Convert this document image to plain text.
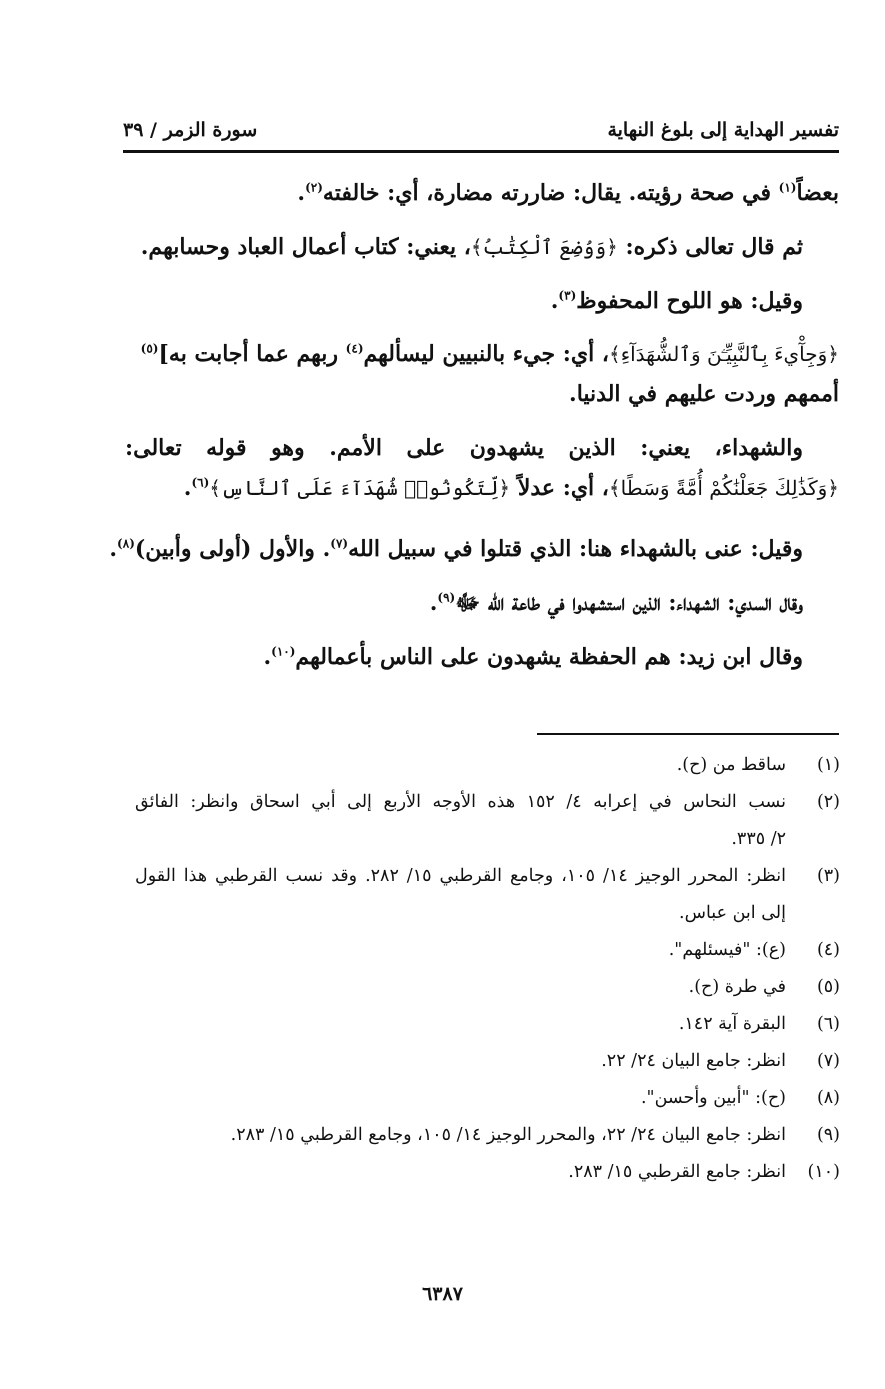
تفسير الهداية إلى بلوغ النهاية
سورة الزمر / ٣٩

بعضاً$^{(١)}$ في صحة رؤيته. يقال: ضاررته مضارة، أي: خالفته$^{(٢)}$.

ثم قال تعالى ذكره: ﴿وَوُضِعَ ٱلْكِتَٰبُ﴾، يعني: كتاب أعمال العباد وحسابهم.

وقيل: هو اللوح المحفوظ$^{(٣)}$.

﴿وَجِآْيءَ بِٱلنَّبِيِّـۧنَ وَٱلشُّهَدَآءِ﴾، أي: جيء بالنبيين ليسألهم$^{(٤)}$ ربهم عما أجابت به]$^{(٥)}$

أممهم وردت عليهم في الدنيا.

والشهداء، يعني: الذين يشهدون على الأمم. وهو قوله تعالى:

﴿وَكَذَٰلِكَ جَعَلْنَٰكُمْ أُمَّةً وَسَطًا﴾، أي: عدلاً ﴿لِّتَكُونُوا۟ شُهَدَآءَ عَلَى ٱلنَّاسِ﴾$^{(٦)}$.

وقيل: عنى بالشهداء هنا: الذي قتلوا في سبيل الله$^{(٧)}$. والأول (أولى وأبين)$^{(٨)}$.

وقال السدي: الشهداء: الذين استشهدوا في طاعة الله ﷻ$^{(٩)}$.

وقال ابن زيد: هم الحفظة يشهدون على الناس بأعمالهم$^{(١٠)}$.

(١)
ساقط من (ح).
(٢)
نسب النحاس في إعرابه ٤/ ١٥٢ هذه الأوجه الأربع إلى أبي اسحاق وانظر: الفائق
٢/ ٣٣٥.
(٣)
انظر: المحرر الوجيز ١٤/ ١٠٥، وجامع القرطبي ١٥/ ٢٨٢. وقد نسب القرطبي هذا القول
إلى ابن عباس.
(٤)
(ع): "فيسئلهم".
(٥)
في طرة (ح).
(٦)
البقرة آية ١٤٢.
(٧)
انظر: جامع البيان ٢٤/ ٢٢.
(٨)
(ح): "أبين وأحسن".
(٩)
انظر: جامع البيان ٢٤/ ٢٢، والمحرر الوجيز ١٤/ ١٠٥، وجامع القرطبي ١٥/ ٢٨٣.
(١٠)
انظر: جامع القرطبي ١٥/ ٢٨٣.
٦٣٨٧
